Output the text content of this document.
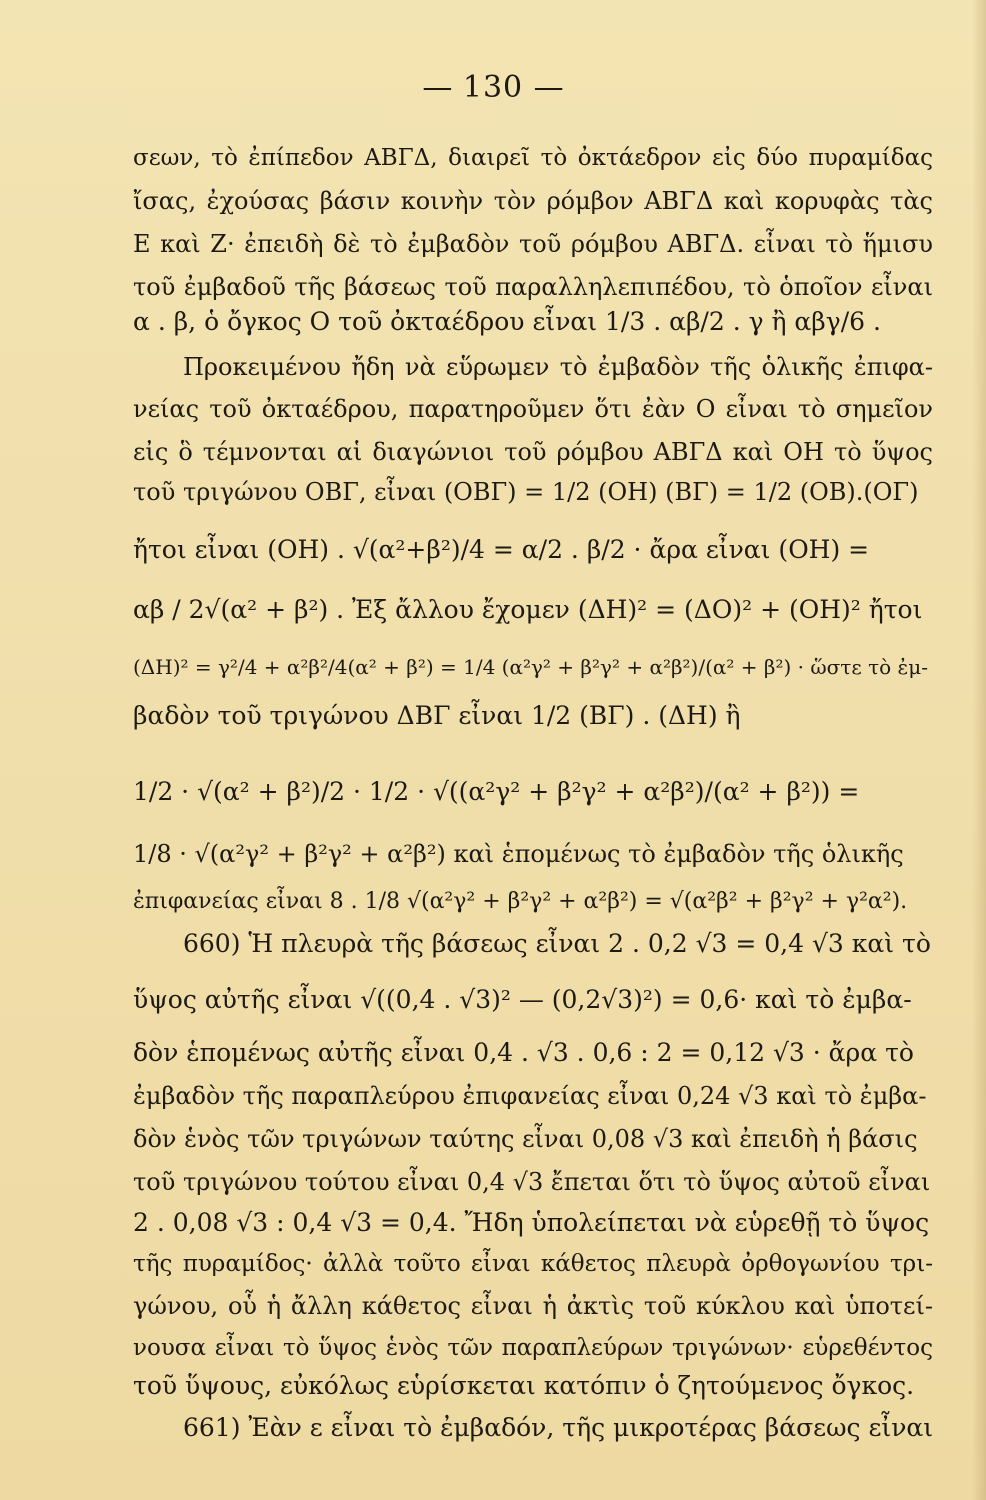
— 130 —
σεων, τὸ ἐπίπεδον ΑΒΓΔ, διαιρεῖ τὸ ὀκτάεδρον εἰς δύο πυραμίδας
ἴσας, ἐχούσας βάσιν κοινὴν τὸν ρόμβον ΑΒΓΔ καὶ κορυφὰς τὰς
Ε καὶ Ζ· ἐπειδὴ δὲ τὸ ἐμβαδὸν τοῦ ρόμβου ΑΒΓΔ. εἶναι τὸ ἥμισυ
τοῦ ἐμβαδοῦ τῆς βάσεως τοῦ παραλληλεπιπέδου, τὸ ὁποῖον εἶναι
α . β, ὁ ὄγκος Ο τοῦ ὀκταέδρου εἶναι 1/3 . αβ/2 . γ ἢ αβγ/6 .
Προκειμένου ἤδη νὰ εὕρωμεν τὸ ἐμβαδὸν τῆς ὁλικῆς ἐπιφα-
νείας τοῦ ὀκταέδρου, παρατηροῦμεν ὅτι ἐὰν Ο εἶναι τὸ σημεῖον
εἰς ὃ τέμνονται αἱ διαγώνιοι τοῦ ρόμβου ΑΒΓΔ καὶ ΟΗ τὸ ὕψος
τοῦ τριγώνου ΟΒΓ, εἶναι (ΟΒΓ) = 1/2 (ΟΗ) (ΒΓ) = 1/2 (ΟΒ).(ΟΓ)
ἤτοι εἶναι (ΟΗ) . √(α²+β²)/4 = α/2 . β/2 · ἄρα εἶναι (ΟΗ) =
αβ / 2√(α² + β²) . Ἐξ ἄλλου ἔχομεν (ΔΗ)² = (ΔΟ)² + (ΟΗ)² ἤτοι
(ΔΗ)² = γ²/4 + α²β²/4(α² + β²) = 1/4 (α²γ² + β²γ² + α²β²)/(α² + β²) · ὥστε τὸ ἐμ-
βαδὸν τοῦ τριγώνου ΔΒΓ εἶναι 1/2 (ΒΓ) . (ΔΗ) ἢ
1/2 · √(α² + β²)/2 · 1/2 · √((α²γ² + β²γ² + α²β²)/(α² + β²)) =
1/8 · √(α²γ² + β²γ² + α²β²) καὶ ἑπομένως τὸ ἐμβαδὸν τῆς ὁλικῆς
ἐπιφανείας εἶναι 8 . 1/8 √(α²γ² + β²γ² + α²β²) = √(α²β² + β²γ² + γ²α²).
660) Ἡ πλευρὰ τῆς βάσεως εἶναι 2 . 0,2 √3 = 0,4 √3 καὶ τὸ
ὕψος αὐτῆς εἶναι √((0,4 . √3)² — (0,2√3)²) = 0,6· καὶ τὸ ἐμβα-
δὸν ἑπομένως αὐτῆς εἶναι 0,4 . √3 . 0,6 : 2 = 0,12 √3 · ἄρα τὸ
ἐμβαδὸν τῆς παραπλεύρου ἐπιφανείας εἶναι 0,24 √3 καὶ τὸ ἐμβα-
δὸν ἑνὸς τῶν τριγώνων ταύτης εἶναι 0,08 √3 καὶ ἐπειδὴ ἡ βάσις
τοῦ τριγώνου τούτου εἶναι 0,4 √3 ἔπεται ὅτι τὸ ὕψος αὐτοῦ εἶναι
2 . 0,08 √3 : 0,4 √3 = 0,4. Ἤδη ὑπολείπεται νὰ εὑρεθῇ τὸ ὕψος
τῆς πυραμίδος· ἀλλὰ τοῦτο εἶναι κάθετος πλευρὰ ὀρθογωνίου τρι-
γώνου, οὗ ἡ ἄλλη κάθετος εἶναι ἡ ἀκτὶς τοῦ κύκλου καὶ ὑποτεί-
νουσα εἶναι τὸ ὕψος ἑνὸς τῶν παραπλεύρων τριγώνων· εὑρεθέντος
τοῦ ὕψους, εὐκόλως εὑρίσκεται κατόπιν ὁ ζητούμενος ὄγκος.
661) Ἐὰν ε εἶναι τὸ ἐμβαδόν, τῆς μικροτέρας βάσεως εἶναι
